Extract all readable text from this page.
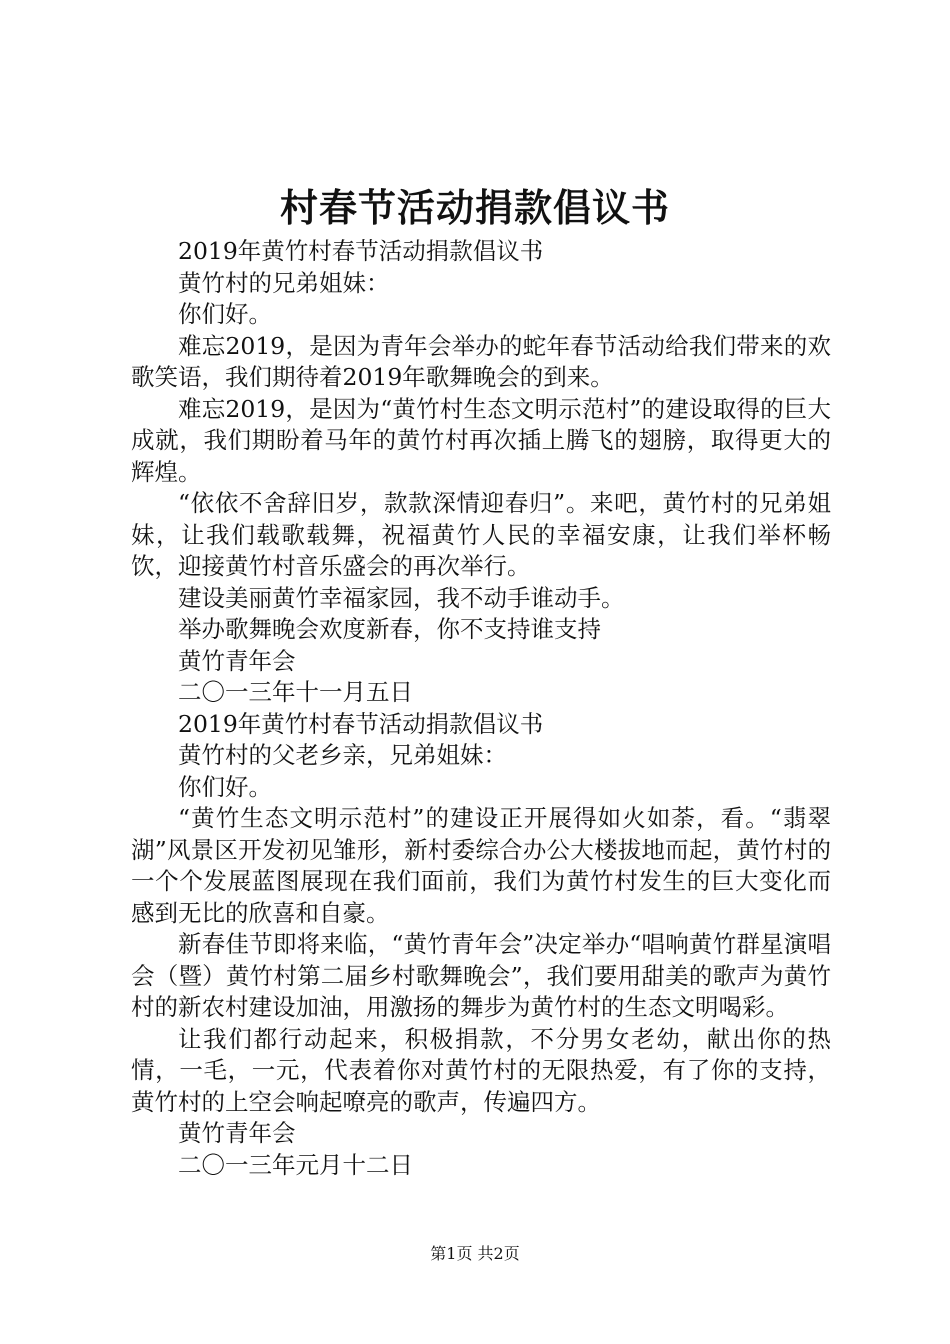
村春节活动捐款倡议书

2019年黄竹村春节活动捐款倡议书

黄竹村的兄弟姐妹：

你们好。

难忘2019，是因为青年会举办的蛇年春节活动给我们带来的欢歌笑语，我们期待着2019年歌舞晚会的到来。

难忘2019，是因为“黄竹村生态文明示范村”的建设取得的巨大成就，我们期盼着马年的黄竹村再次插上腾飞的翅膀，取得更大的辉煌。

“依依不舍辞旧岁，款款深情迎春归”。来吧，黄竹村的兄弟姐妹，让我们载歌载舞，祝福黄竹人民的幸福安康，让我们举杯畅饮，迎接黄竹村音乐盛会的再次举行。

建设美丽黄竹幸福家园，我不动手谁动手。

举办歌舞晚会欢度新春，你不支持谁支持

黄竹青年会

二〇一三年十一月五日

2019年黄竹村春节活动捐款倡议书

黄竹村的父老乡亲，兄弟姐妹：

你们好。

“黄竹生态文明示范村”的建设正开展得如火如荼，看。“翡翠湖”风景区开发初见雏形，新村委综合办公大楼拔地而起，黄竹村的一个个发展蓝图展现在我们面前，我们为黄竹村发生的巨大变化而感到无比的欣喜和自豪。

新春佳节即将来临，“黄竹青年会”决定举办“唱响黄竹群星演唱会（暨）黄竹村第二届乡村歌舞晚会”，我们要用甜美的歌声为黄竹村的新农村建设加油，用激扬的舞步为黄竹村的生态文明喝彩。

让我们都行动起来，积极捐款，不分男女老幼，献出你的热情，一毛，一元，代表着你对黄竹村的无限热爱，有了你的支持，黄竹村的上空会响起嘹亮的歌声，传遍四方。

黄竹青年会

二〇一三年元月十二日

第1页 共2页
